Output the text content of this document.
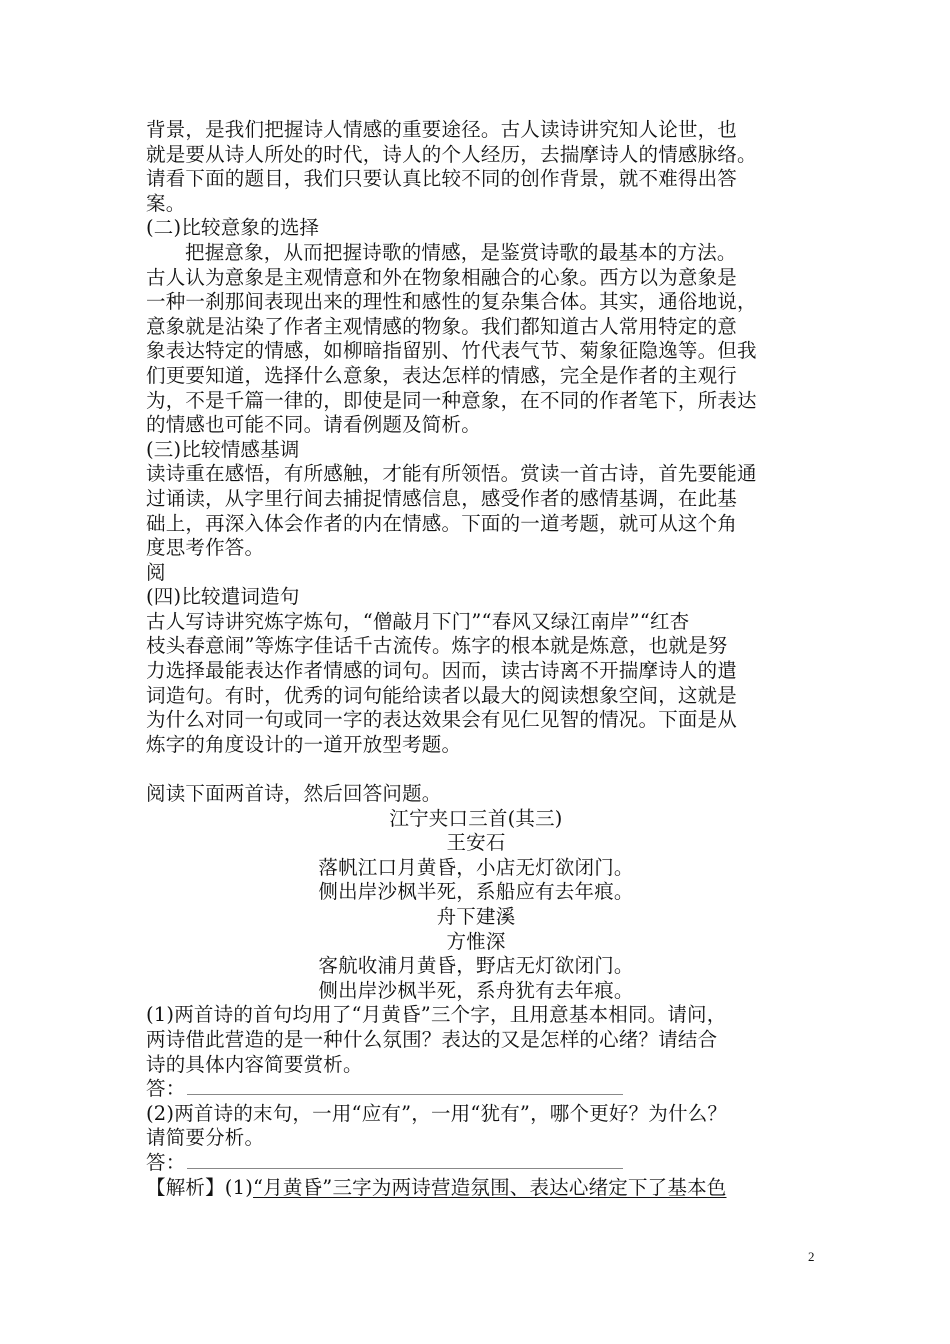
背景，是我们把握诗人情感的重要途径。古人读诗讲究知人论世，也
就是要从诗人所处的时代，诗人的个人经历，去揣摩诗人的情感脉络。
请看下面的题目，我们只要认真比较不同的创作背景，就不难得出答
案。
(二)比较意象的选择
把握意象，从而把握诗歌的情感，是鉴赏诗歌的最基本的方法。
古人认为意象是主观情意和外在物象相融合的心象。西方以为意象是
一种一刹那间表现出来的理性和感性的复杂集合体。其实，通俗地说，
意象就是沾染了作者主观情感的物象。我们都知道古人常用特定的意
象表达特定的情感，如柳暗指留别、竹代表气节、菊象征隐逸等。但我
们更要知道，选择什么意象，表达怎样的情感，完全是作者的主观行
为，不是千篇一律的，即使是同一种意象，在不同的作者笔下，所表达
的情感也可能不同。请看例题及简析。
(三)比较情感基调
读诗重在感悟，有所感触，才能有所领悟。赏读一首古诗，首先要能通
过诵读，从字里行间去捕捉情感信息，感受作者的感情基调，在此基
础上，再深入体会作者的内在情感。下面的一道考题，就可从这个角
度思考作答。
阅
(四)比较遣词造句
古人写诗讲究炼字炼句，“僧敲月下门”“春风又绿江南岸”“红杏
枝头春意闹”等炼字佳话千古流传。炼字的根本就是炼意，也就是努
力选择最能表达作者情感的词句。因而，读古诗离不开揣摩诗人的遣
词造句。有时，优秀的词句能给读者以最大的阅读想象空间，这就是
为什么对同一句或同一字的表达效果会有见仁见智的情况。下面是从
炼字的角度设计的一道开放型考题。
阅读下面两首诗，然后回答问题。
江宁夹口三首(其三)
王安石
落帆江口月黄昏，小店无灯欲闭门。
侧出岸沙枫半死，系船应有去年痕。
舟下建溪
方惟深
客航收浦月黄昏，野店无灯欲闭门。
侧出岸沙枫半死，系舟犹有去年痕。
(1)两首诗的首句均用了“月黄昏”三个字，且用意基本相同。请问，
两诗借此营造的是一种什么氛围？表达的又是怎样的心绪？请结合
诗的具体内容简要赏析。
答：
(2)两首诗的末句，一用“应有”，一用“犹有”，哪个更好？为什么？
请简要分析。
答：
【解析】(1)“月黄昏”三字为两诗营造氛围、表达心绪定下了基本色
2
